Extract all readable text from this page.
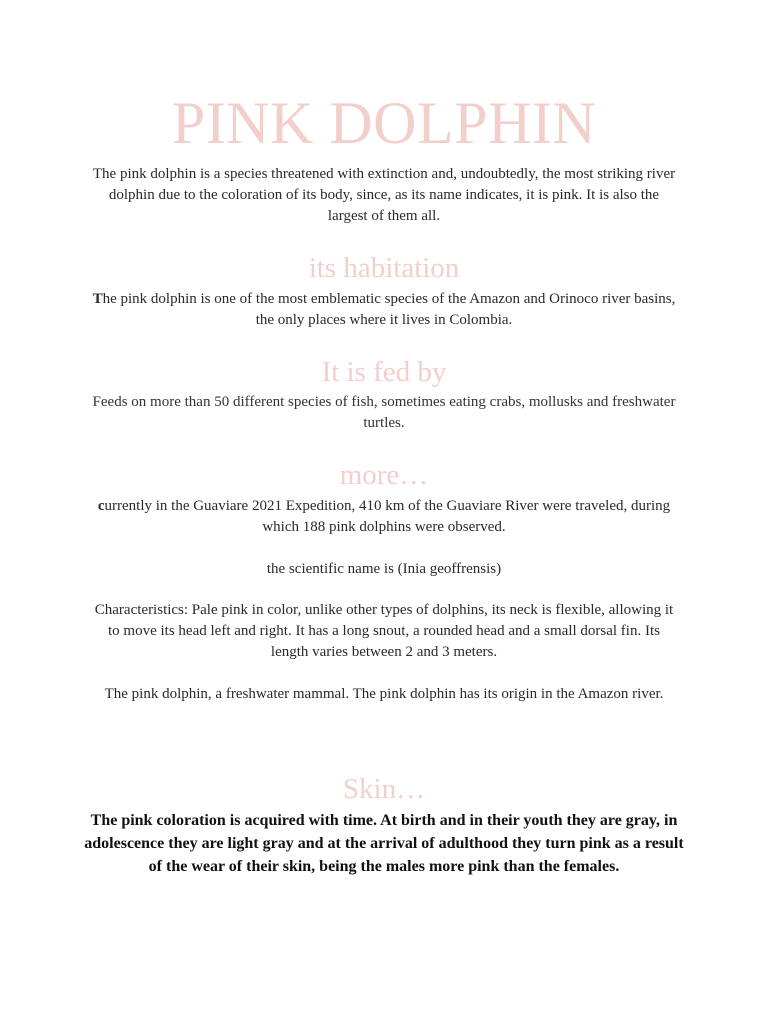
PINK DOLPHIN
The pink dolphin is a species threatened with extinction and, undoubtedly, the most striking river dolphin due to the coloration of its body, since, as its name indicates, it is pink. It is also the largest of them all.
its habitation
The pink dolphin is one of the most emblematic species of the Amazon and Orinoco river basins, the only places where it lives in Colombia.
It is fed by
Feeds on more than 50 different species of fish, sometimes eating crabs, mollusks and freshwater turtles.
more…
currently in the Guaviare 2021 Expedition, 410 km of the Guaviare River were traveled, during which 188 pink dolphins were observed.
the scientific name is (Inia geoffrensis)
Characteristics: Pale pink in color, unlike other types of dolphins, its neck is flexible, allowing it to move its head left and right. It has a long snout, a rounded head and a small dorsal fin. Its length varies between 2 and 3 meters.
The pink dolphin, a freshwater mammal. The pink dolphin has its origin in the Amazon river.
Skin…
The pink coloration is acquired with time. At birth and in their youth they are gray, in adolescence they are light gray and at the arrival of adulthood they turn pink as a result of the wear of their skin, being the males more pink than the females.
